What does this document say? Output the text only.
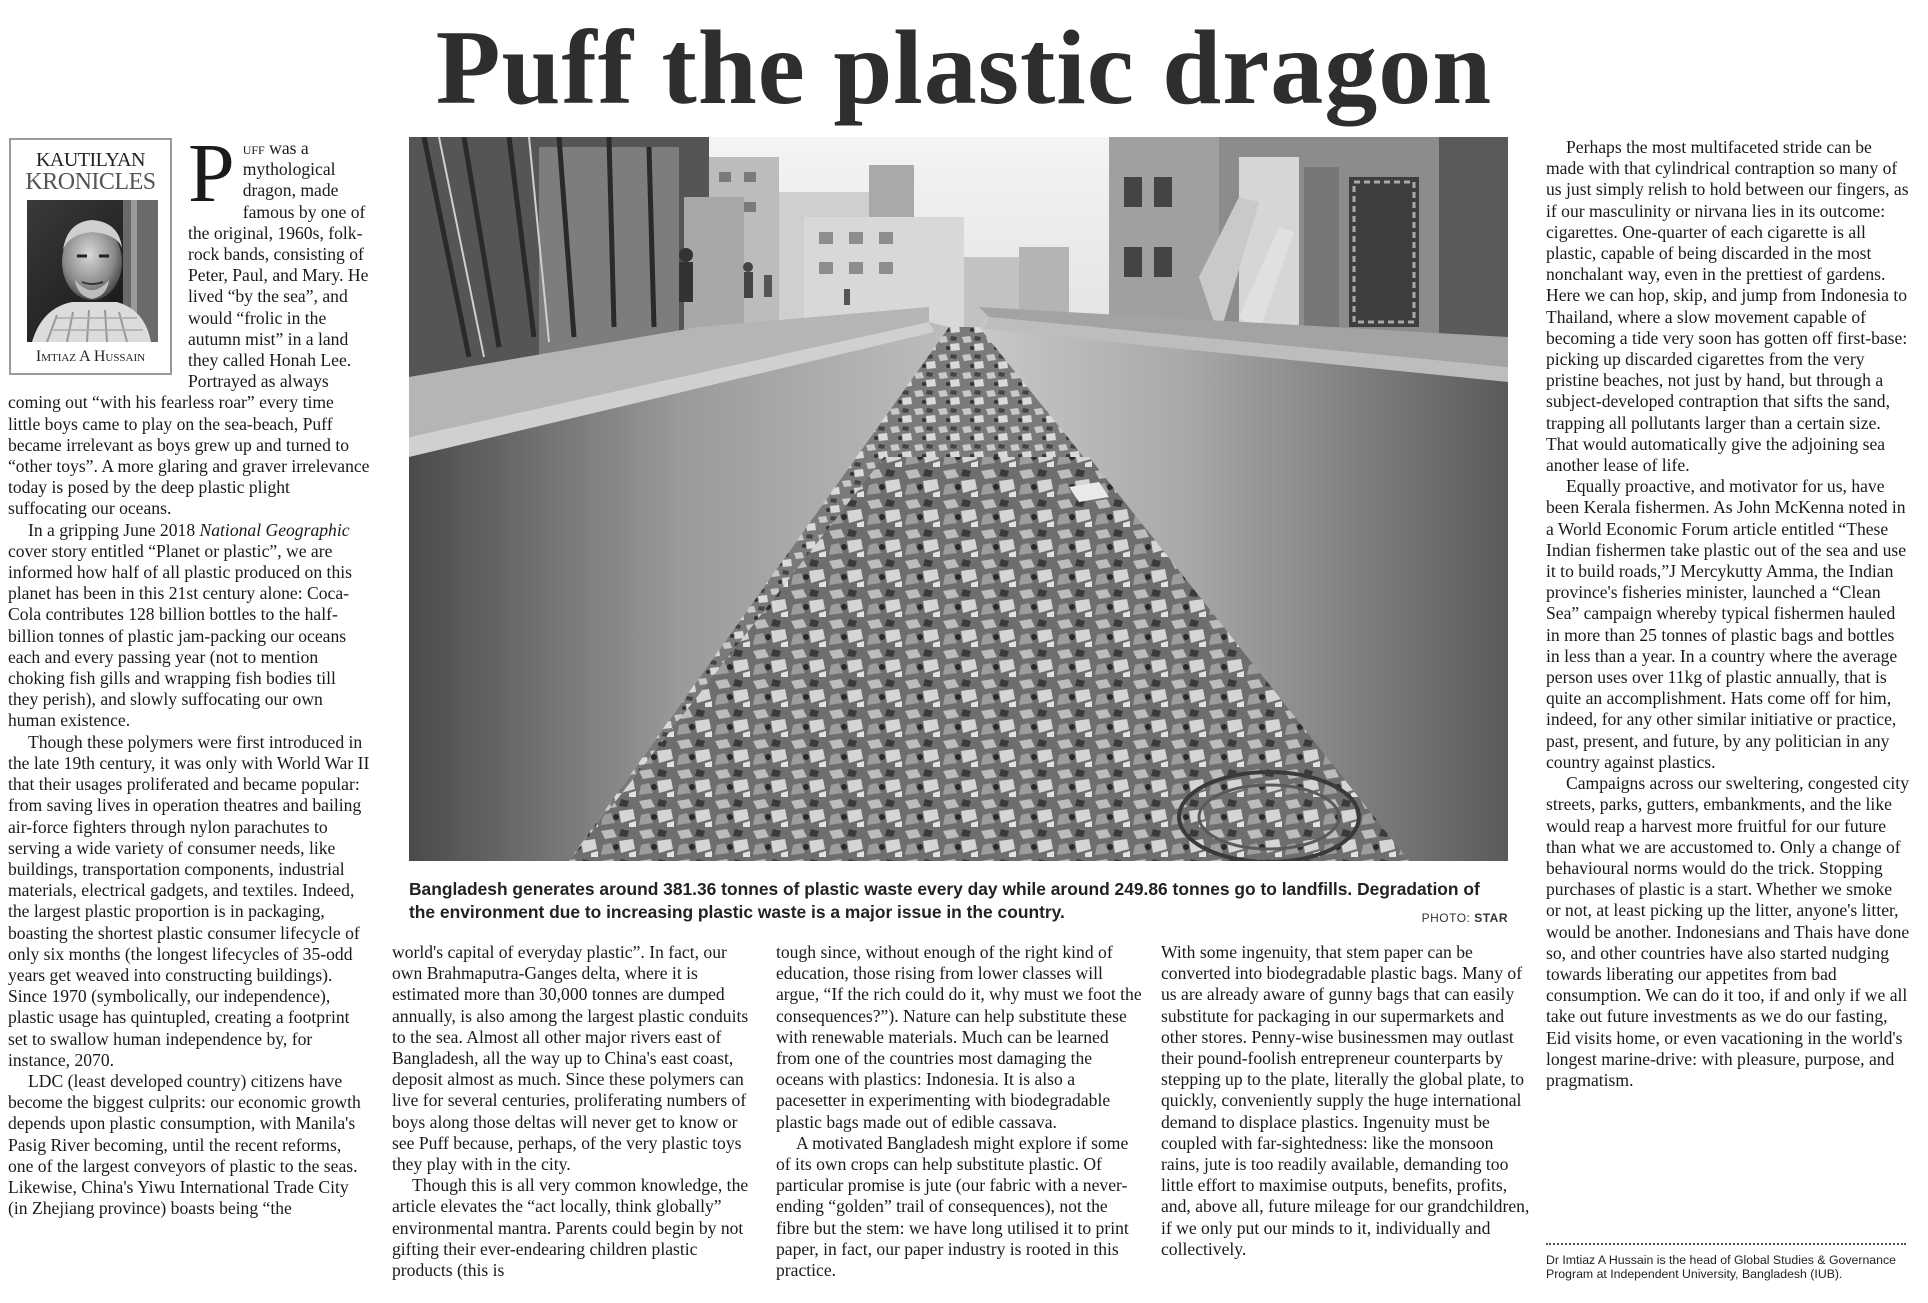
Puff the plastic dragon
KAUTILYAN
KRONICLES
Imtiaz A Hussain

Puff was a mythological dragon, made famous by one of the original, 1960s, folk-rock bands, consisting of Peter, Paul, and Mary. He lived “by the sea”, and would “frolic in the autumn mist” in a land they called Honah Lee. Portrayed as always coming out “with his fearless roar” every time little boys came to play on the sea-beach, Puff became irrelevant as boys grew up and turned to “other toys”. A more glaring and graver irrelevance today is posed by the deep plastic plight suffocating our oceans.

In a gripping June 2018 National Geographic cover story entitled “Planet or plastic”, we are informed how half of all plastic produced on this planet has been in this 21st century alone: Coca-Cola contributes 128 billion bottles to the half-billion tonnes of plastic jam-packing our oceans each and every passing year (not to mention choking fish gills and wrapping fish bodies till they perish), and slowly suffocating our own human existence.

Though these polymers were first introduced in the late 19th century, it was only with World War II that their usages proliferated and became popular: from saving lives in operation theatres and bailing air-force fighters through nylon parachutes to serving a wide variety of consumer needs, like buildings, transportation components, industrial materials, electrical gadgets, and textiles. Indeed, the largest plastic proportion is in packaging, boasting the shortest plastic consumer lifecycle of only six months (the longest lifecycles of 35-odd years get weaved into constructing buildings). Since 1970 (symbolically, our independence), plastic usage has quintupled, creating a footprint set to swallow human independence by, for instance, 2070.

LDC (least developed country) citizens have become the biggest culprits: our economic growth depends upon plastic consumption, with Manila's Pasig River becoming, until the recent reforms, one of the largest conveyors of plastic to the seas. Likewise, China's Yiwu International Trade City (in Zhejiang province) boasts being “the

Bangladesh generates around 381.36 tonnes of plastic waste every day while around 249.86 tonnes go to landfills. Degradation of the environment due to increasing plastic waste is a major issue in the country.	PHOTO: STAR

world's capital of everyday plastic”. In fact, our own Brahmaputra-Ganges delta, where it is estimated more than 30,000 tonnes are dumped annually, is also among the largest plastic conduits to the sea. Almost all other major rivers east of Bangladesh, all the way up to China's east coast, deposit almost as much. Since these polymers can live for several centuries, proliferating numbers of boys along those deltas will never get to know or see Puff because, perhaps, of the very plastic toys they play with in the city.

Though this is all very common knowledge, the article elevates the “act locally, think globally” environmental mantra. Parents could begin by not gifting their ever-endearing children plastic products (this is

tough since, without enough of the right kind of education, those rising from lower classes will argue, “If the rich could do it, why must we foot the consequences?”). Nature can help substitute these with renewable materials. Much can be learned from one of the countries most damaging the oceans with plastics: Indonesia. It is also a pacesetter in experimenting with biodegradable plastic bags made out of edible cassava.

A motivated Bangladesh might explore if some of its own crops can help substitute plastic. Of particular promise is jute (our fabric with a never-ending “golden” trail of consequences), not the fibre but the stem: we have long utilised it to print paper, in fact, our paper industry is rooted in this practice.

With some ingenuity, that stem paper can be converted into biodegradable plastic bags. Many of us are already aware of gunny bags that can easily substitute for packaging in our supermarkets and other stores. Penny-wise businessmen may outlast their pound-foolish entrepreneur counterparts by stepping up to the plate, literally the global plate, to quickly, conveniently supply the huge international demand to displace plastics. Ingenuity must be coupled with far-sightedness: like the monsoon rains, jute is too readily available, demanding too little effort to maximise outputs, benefits, profits, and, above all, future mileage for our grandchildren, if we only put our minds to it, individually and collectively.

Perhaps the most multifaceted stride can be made with that cylindrical contraption so many of us just simply relish to hold between our fingers, as if our masculinity or nirvana lies in its outcome: cigarettes. One-quarter of each cigarette is all plastic, capable of being discarded in the most nonchalant way, even in the prettiest of gardens. Here we can hop, skip, and jump from Indonesia to Thailand, where a slow movement capable of becoming a tide very soon has gotten off first-base: picking up discarded cigarettes from the very pristine beaches, not just by hand, but through a subject-developed contraption that sifts the sand, trapping all pollutants larger than a certain size. That would automatically give the adjoining sea another lease of life.

Equally proactive, and motivator for us, have been Kerala fishermen. As John McKenna noted in a World Economic Forum article entitled “These Indian fishermen take plastic out of the sea and use it to build roads,”J Mercykutty Amma, the Indian province's fisheries minister, launched a “Clean Sea” campaign whereby typical fishermen hauled in more than 25 tonnes of plastic bags and bottles in less than a year. In a country where the average person uses over 11kg of plastic annually, that is quite an accomplishment. Hats come off for him, indeed, for any other similar initiative or practice, past, present, and future, by any politician in any country against plastics.

Campaigns across our sweltering, congested city streets, parks, gutters, embankments, and the like would reap a harvest more fruitful for our future than what we are accustomed to. Only a change of behavioural norms would do the trick. Stopping purchases of plastic is a start. Whether we smoke or not, at least picking up the litter, anyone's litter, would be another. Indonesians and Thais have done so, and other countries have also started nudging towards liberating our appetites from bad consumption. We can do it too, if and only if we all take out future investments as we do our fasting, Eid visits home, or even vacationing in the world's longest marine-drive: with pleasure, purpose, and pragmatism.

Dr Imtiaz A Hussain is the head of Global Studies & Governance Program at Independent University, Bangladesh (IUB).
